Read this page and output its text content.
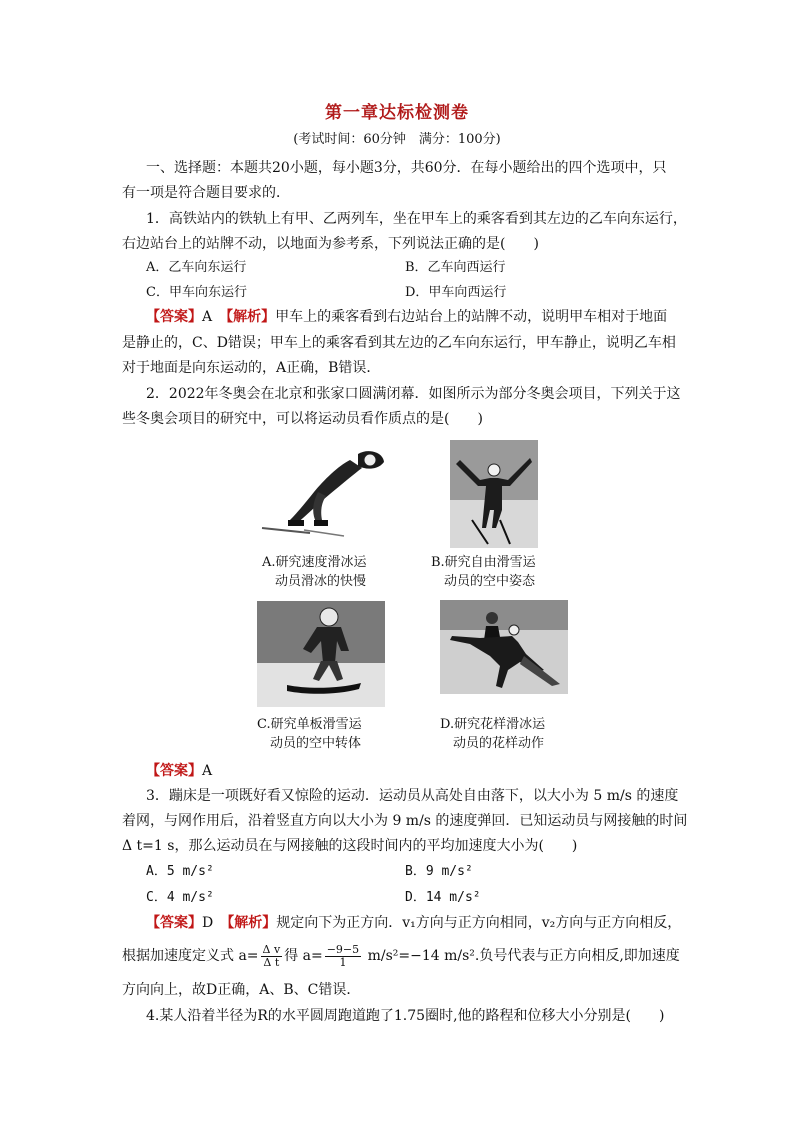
第一章达标检测卷
(考试时间：60分钟　满分：100分)
一、选择题：本题共20小题，每小题3分，共60分．在每小题给出的四个选项中，只
有一项是符合题目要求的．
1．高铁站内的铁轨上有甲、乙两列车，坐在甲车上的乘客看到其左边的乙车向东运行，
右边站台上的站牌不动，以地面为参考系，下列说法正确的是(　　)
A．乙车向东运行	B．乙车向西运行
C．甲车向东运行	D．甲车向西运行
【答案】A　 【解析】甲车上的乘客看到右边站台上的站牌不动，说明甲车相对于地面
是静止的，C、D错误；甲车上的乘客看到其左边的乙车向东运行，甲车静止，说明乙车相
对于地面是向东运动的，A正确，B错误．
2．2022年冬奥会在北京和张家口圆满闭幕．如图所示为部分冬奥会项目，下列关于这
些冬奥会项目的研究中，可以将运动员看作质点的是(　　)
A.研究速度滑冰运
动员滑冰的快慢
B.研究自由滑雪运
动员的空中姿态
C.研究单板滑雪运
动员的空中转体
D.研究花样滑冰运
动员的花样动作
【答案】A
3．蹦床是一项既好看又惊险的运动．运动员从高处自由落下，以大小为 5 m/s 的速度
着网，与网作用后，沿着竖直方向以大小为 9 m/s 的速度弹回．已知运动员与网接触的时间
Δ t=1 s，那么运动员在与网接触的这段时间内的平均加速度大小为(　　)
A．5 m/s²	B．9 m/s²
C．4 m/s²	D．14 m/s²
【答案】D　 【解析】规定向下为正方向．v₁方向与正方向相同，v₂方向与正方向相反，
根据加速度定义式 $a= \frac{\text{Δ v}}{\text{Δ t}}$ 得 $a= \frac{-9-5}{1} m/s^2=-14$ m/s².负号代表与正方向相反,即加速度
方向向上，故D正确，A、B、C错误．
4.某人沿着半径为R的水平圆周跑道跑了1.75圈时,他的路程和位移大小分别是(　　)
